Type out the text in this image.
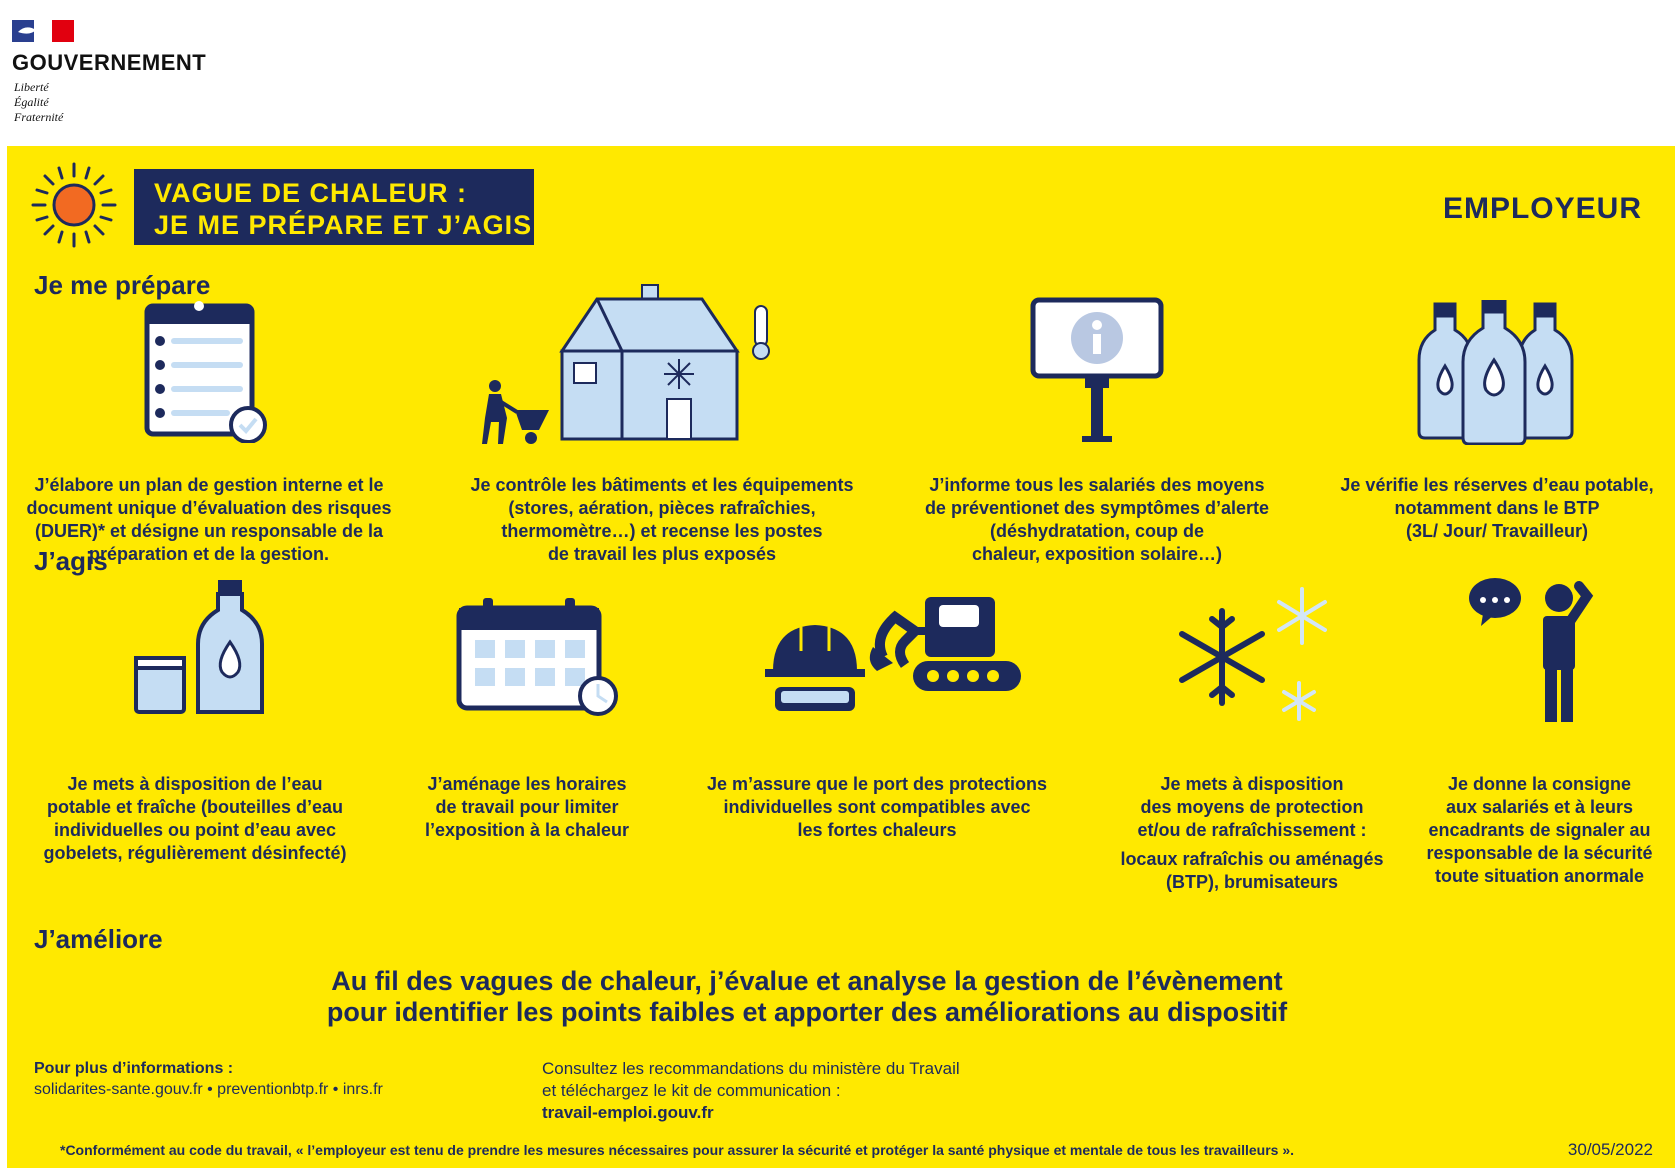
GOUVERNEMENT
Liberté
Égalité
Fraternité
VAGUE DE CHALEUR :
JE ME PRÉPARE ET J’AGIS	EMPLOYEUR
Je me prépare
J’élabore un plan de gestion interne et le
document unique d’évaluation des risques
(DUER)* et désigne un responsable de la
préparation et de la gestion.
Je contrôle les bâtiments et les équipements
(stores, aération, pièces rafraîchies,
thermomètre…) et recense les postes
de travail les plus exposés
J’informe tous les salariés des moyens
de préventionet des symptômes d’alerte
(déshydratation, coup de
chaleur, exposition solaire…)
Je vérifie les réserves d’eau potable,
notamment dans le BTP
(3L/ Jour/ Travailleur)
J’agis
Je mets à disposition de l’eau
potable et fraîche (bouteilles d’eau
individuelles ou point d’eau avec
gobelets, régulièrement désinfecté)
J’aménage les horaires
de travail pour limiter
l’exposition à la chaleur
Je m’assure que le port des protections
individuelles sont compatibles avec
les fortes chaleurs
Je mets à disposition
des moyens de protection
et/ou de rafraîchissement :
locaux rafraîchis ou aménagés
(BTP), brumisateurs
Je donne la consigne
aux salariés et à leurs
encadrants de signaler au
responsable de la sécurité
toute situation anormale
J’améliore
Au fil des vagues de chaleur, j’évalue et analyse la gestion de l’évènement
pour identifier les points faibles et apporter des améliorations au dispositif
Pour plus d’informations :
solidarites-sante.gouv.fr • preventionbtp.fr • inrs.fr
Consultez les recommandations du ministère du Travail
et téléchargez le kit de communication :
travail-emploi.gouv.fr
*Conformément au code du travail, « l’employeur est tenu de prendre les mesures nécessaires pour assurer la sécurité et protéger la santé physique et mentale de tous les travailleurs ».	30/05/2022
